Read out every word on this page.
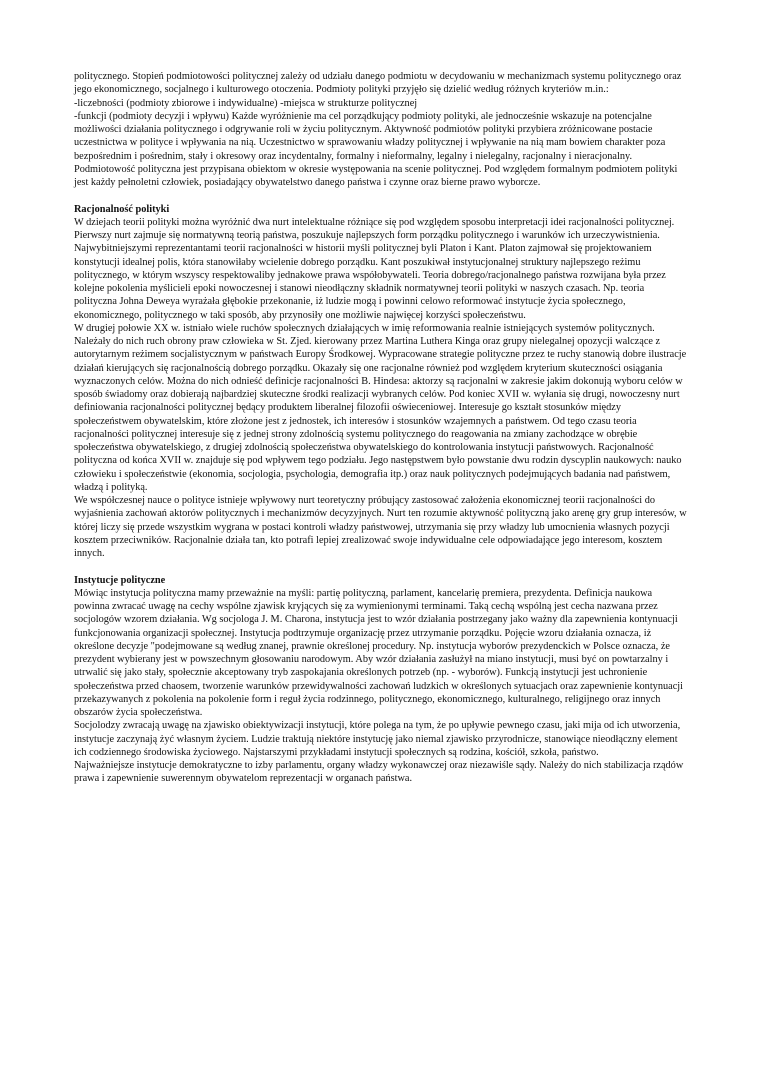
politycznego. Stopień podmiotowości politycznej zależy od udziału danego podmiotu w decydowaniu w mechanizmach systemu politycznego oraz jego ekonomicznego, socjalnego i kulturowego otoczenia. Podmioty polityki przyjęło się dzielić według różnych kryteriów m.in.:

-liczebności (podmioty zbiorowe i indywidualne) -miejsca w strukturze politycznej

-funkcji (podmioty decyzji i wpływu) Każde wyróżnienie ma cel porządkujący podmioty polityki, ale jednocześnie wskazuje na potencjalne możliwości działania politycznego i odgrywanie roli w życiu politycznym. Aktywność podmiotów polityki przybiera zróżnicowane postacie uczestnictwa w polityce i wpływania na nią. Uczestnictwo w sprawowaniu władzy politycznej i wpływanie na nią mam bowiem charakter poza bezpośrednim i pośrednim, stały i okresowy oraz incydentalny, formalny i nieformalny, legalny i nielegalny, racjonalny i nieracjonalny. Podmiotowość polityczna jest przypisana obiektom w okresie występowania na scenie politycznej. Pod względem formalnym podmiotem polityki jest każdy pełnoletni człowiek, posiadający obywatelstwo danego państwa i czynne oraz bierne prawo wyborcze.

Racjonalność polityki

W dziejach teorii polityki można wyróżnić dwa nurt intelektualne różniące się pod względem sposobu interpretacji idei racjonalności politycznej.

Pierwszy nurt zajmuje się normatywną teorią państwa, poszukuje najlepszych form porządku politycznego i warunków ich urzeczywistnienia. Najwybitniejszymi reprezentantami teorii racjonalności w historii myśli politycznej byli Platon i Kant. Platon zajmował się projektowaniem konstytucji idealnej polis, która stanowiłaby wcielenie dobrego porządku. Kant poszukiwał instytucjonalnej struktury najlepszego reżimu politycznego, w którym wszyscy respektowaliby jednakowe prawa współobywateli. Teoria dobrego/racjonalnego państwa rozwijana była przez kolejne pokolenia myślicieli epoki nowoczesnej i stanowi nieodłączny składnik normatywnej teorii polityki w naszych czasach. Np. teoria polityczna Johna Deweya wyrażała głębokie przekonanie, iż ludzie mogą i powinni celowo reformować instytucje życia społecznego, ekonomicznego, politycznego w taki sposób, aby przynosiły one możliwie najwięcej korzyści społeczeństwu.

W drugiej połowie XX w. istniało wiele ruchów społecznych działających w imię reformowania realnie istniejących systemów politycznych. Należały do nich ruch obrony praw człowieka w St. Zjed. kierowany przez Martina Luthera Kinga oraz grupy nielegalnej opozycji walczące z autorytarnym reżimem socjalistycznym w państwach Europy Środkowej. Wypracowane strategie polityczne przez te ruchy stanowią dobre ilustracje działań kierujących się racjonalnością dobrego porządku. Okazały się one racjonalne również pod względem kryterium skuteczności osiągania wyznaczonych celów. Można do nich odnieść definicje racjonalności B. Hindesa: aktorzy są racjonalni w zakresie jakim dokonują wyboru celów w sposób świadomy oraz dobierają najbardziej skuteczne środki realizacji wybranych celów. Pod koniec XVII w. wyłania się drugi, nowoczesny nurt definiowania racjonalności politycznej będący produktem liberalnej filozofii oświeceniowej. Interesuje go kształt stosunków między społeczeństwem obywatelskim, które złożone jest z jednostek, ich interesów i stosunków wzajemnych a państwem. Od tego czasu teoria racjonalności politycznej interesuje się z jednej strony zdolnością systemu politycznego do reagowania na zmiany zachodzące w obrębie społeczeństwa obywatelskiego, z drugiej zdolnością społeczeństwa obywatelskiego do kontrolowania instytucji państwowych. Racjonalność polityczna od końca XVII w. znajduje się pod wpływem tego podziału. Jego następstwem było powstanie dwu rodzin dyscyplin naukowych: nauko człowieku i społeczeństwie (ekonomia, socjologia, psychologia, demografia itp.) oraz nauk politycznych podejmujących badania nad państwem, władzą i polityką.

We współczesnej nauce o polityce istnieje wpływowy nurt teoretyczny próbujący zastosować założenia ekonomicznej teorii racjonalności do wyjaśnienia zachowań aktorów politycznych i mechanizmów decyzyjnych. Nurt ten rozumie aktywność polityczną jako arenę gry grup interesów, w której liczy się przede wszystkim wygrana w postaci kontroli władzy państwowej, utrzymania się przy władzy lub umocnienia własnych pozycji kosztem przeciwników. Racjonalnie działa tan, kto potrafi lepiej zrealizować swoje indywidualne cele odpowiadające jego interesom, kosztem innych.

Instytucje polityczne

Mówiąc instytucja polityczna mamy przeważnie na myśli: partię polityczną, parlament, kancelarię premiera, prezydenta. Definicja naukowa powinna zwracać uwagę na cechy wspólne zjawisk kryjących się za wymienionymi terminami. Taką cechą wspólną jest cecha nazwana przez socjologów wzorem działania. Wg socjologa J. M. Charona, instytucja jest to wzór działania postrzegany jako ważny dla zapewnienia kontynuacji funkcjonowania organizacji społecznej. Instytucja podtrzymuje organizację przez utrzymanie porządku. Pojęcie wzoru działania oznacza, iż określone decyzje "podejmowane są według znanej, prawnie określonej procedury. Np. instytucja wyborów prezydenckich w Polsce oznacza, że prezydent wybierany jest w powszechnym głosowaniu narodowym. Aby wzór działania zasłużył na miano instytucji, musi być on powtarzalny i utrwalić się jako stały, społecznie akceptowany tryb zaspokajania określonych potrzeb (np. - wyborów). Funkcją instytucji jest uchronienie społeczeństwa przed chaosem, tworzenie warunków przewidywalności zachowań ludzkich w określonych sytuacjach oraz zapewnienie kontynuacji przekazywanych z pokolenia na pokolenie form i reguł życia rodzinnego, politycznego, ekonomicznego, kulturalnego, religijnego oraz innych obszarów życia społeczeństwa.

Socjolodzy zwracają uwagę na zjawisko obiektywizacji instytucji, które polega na tym, że po upływie pewnego czasu, jaki mija od ich utworzenia, instytucje zaczynają żyć własnym życiem. Ludzie traktują niektóre instytucję jako niemal zjawisko przyrodnicze, stanowiące nieodłączny element ich codziennego środowiska życiowego. Najstarszymi przykładami instytucji społecznych są rodzina, kościół, szkoła, państwo.

Najważniejsze instytucje demokratyczne to izby parlamentu, organy władzy wykonawczej oraz niezawiśle sądy. Należy do nich stabilizacja rządów prawa i zapewnienie suwerennym obywatelom reprezentacji w organach państwa.
